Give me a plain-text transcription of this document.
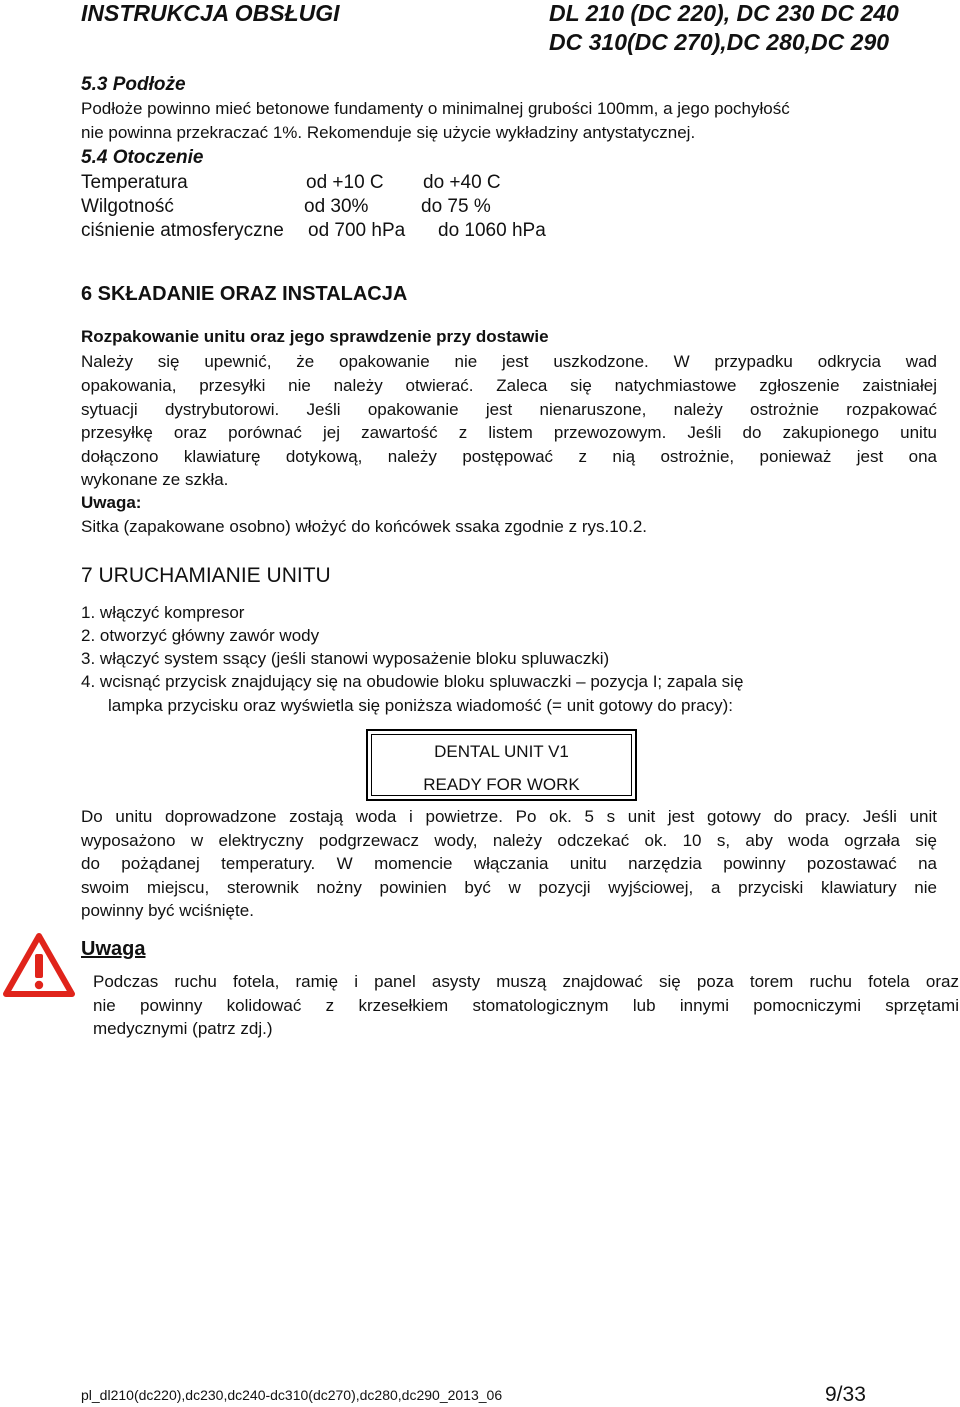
INSTRUKCJA OBSŁUGI	DL 210 (DC 220), DC 230 DC 240
DC 310(DC 270),DC 280,DC 290
5.3 Podłoże
Podłoże powinno mieć betonowe fundamenty o minimalnej grubości 100mm, a jego pochyłość
nie powinna przekraczać 1%. Rekomenduje się użycie wykładziny antystatycznej.
5.4 Otoczenie
Temperatura	od +10 C do +40 C
Wilgotność	od 30%	do 75 %
ciśnienie atmosferyczne od 700 hPa do 1060 hPa
6 SKŁADANIE ORAZ INSTALACJA
Rozpakowanie unitu oraz jego sprawdzenie przy dostawie
Należy się upewnić, że opakowanie nie jest uszkodzone. W przypadku odkrycia wad
opakowania, przesyłki nie należy otwierać. Zaleca się natychmiastowe zgłoszenie zaistniałej
sytuacji dystrybutorowi. Jeśli opakowanie jest nienaruszone, należy ostrożnie rozpakować
przesyłkę oraz porównać jej zawartość z listem przewozowym. Jeśli do zakupionego unitu
dołączono klawiaturę dotykową, należy postępować z nią ostrożnie, ponieważ jest ona
wykonane ze szkła.
Uwaga:
Sitka (zapakowane osobno) włożyć do końcówek ssaka zgodnie z rys.10.2.
7 URUCHAMIANIE UNITU
1. włączyć kompresor
2. otworzyć główny zawór wody
3. włączyć system ssący (jeśli stanowi wyposażenie bloku spluwaczki)
4. wcisnąć przycisk znajdujący się na obudowie bloku spluwaczki – pozycja I; zapala się
lampka przycisku oraz wyświetla się poniższa wiadomość (= unit gotowy do pracy):
DENTAL UNIT V1
READY FOR WORK
Do unitu doprowadzone zostają woda i powietrze. Po ok. 5 s unit jest gotowy do pracy. Jeśli unit
wyposażono w elektryczny podgrzewacz wody, należy odczekać ok. 10 s, aby woda ogrzała się
do pożądanej temperatury. W momencie włączania unitu narzędzia powinny pozostawać na
swoim miejscu, sterownik nożny powinien być w pozycji wyjściowej, a przyciski klawiatury nie
powinny być wciśnięte.
Uwaga
Podczas ruchu fotela, ramię i panel asysty muszą znajdować się poza torem ruchu fotela oraz
nie powinny kolidować z krzesełkiem stomatologicznym lub innymi pomocniczymi sprzętami
medycznymi (patrz zdj.)
pl_dl210(dc220),dc230,dc240-dc310(dc270),dc280,dc290_2013_06	9/33
